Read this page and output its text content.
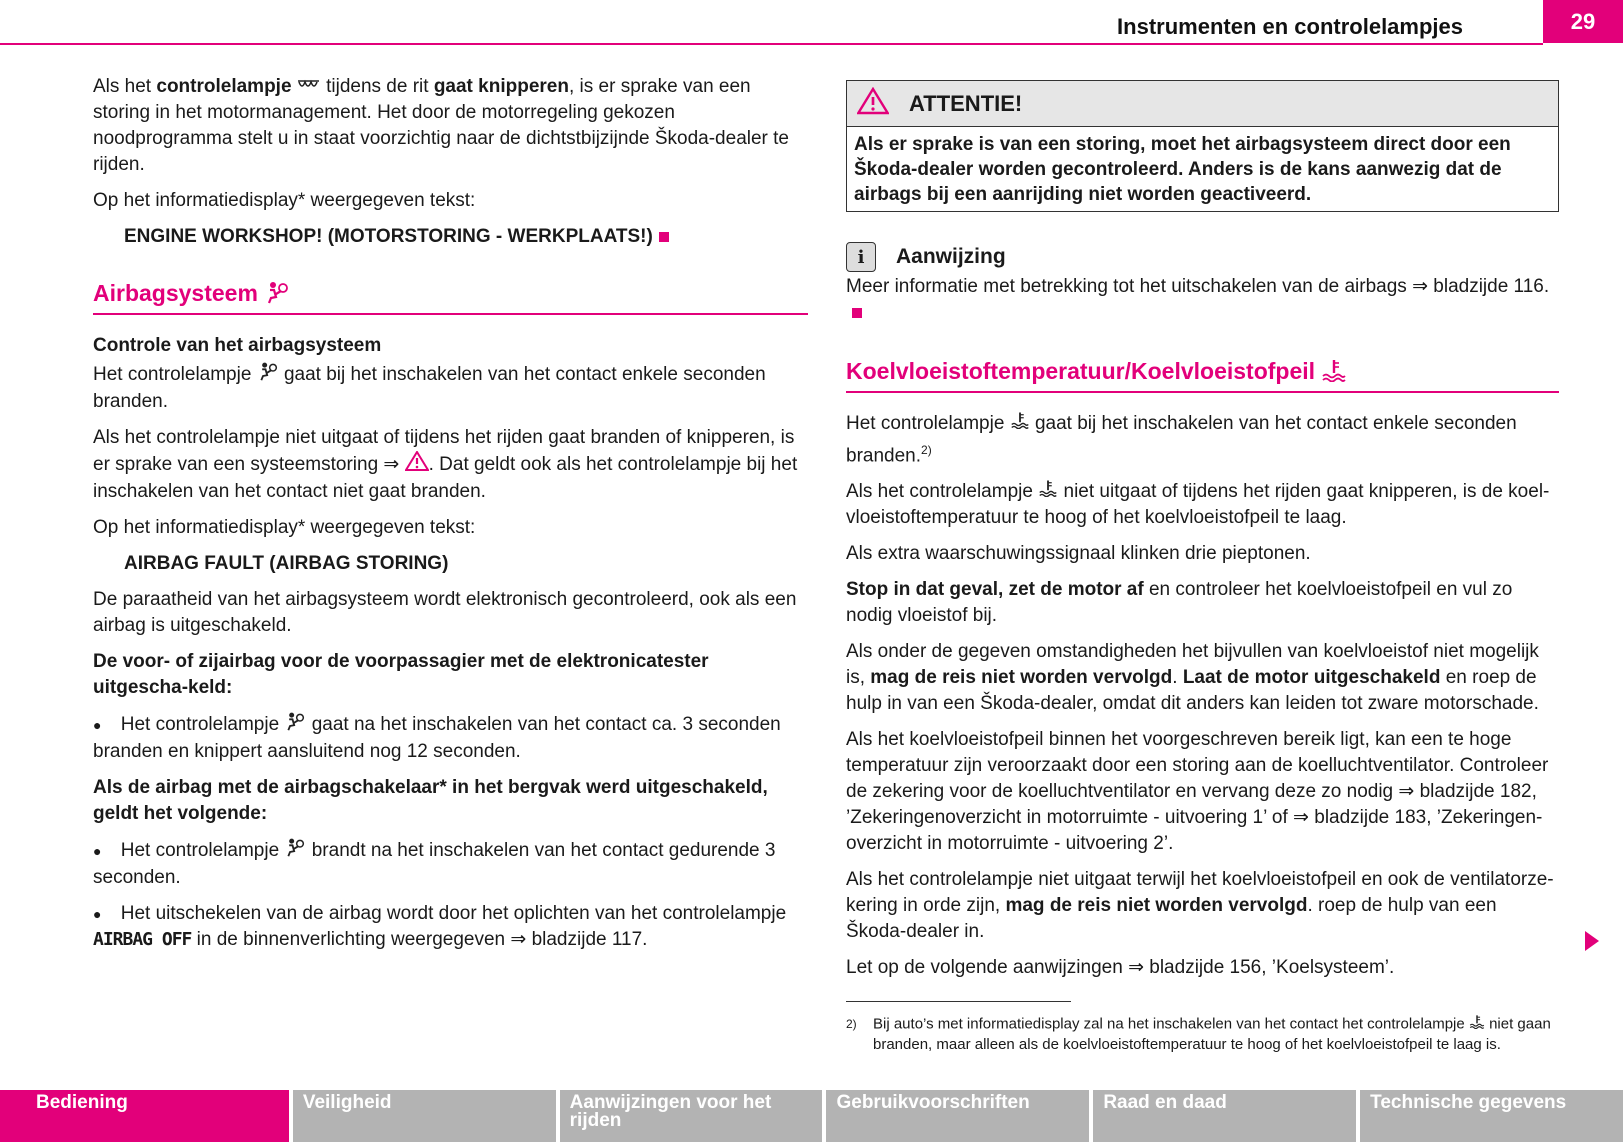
Instrumenten en controlelampjes	29

Als het controlelampje  tijdens de rit gaat knipperen, is er sprake van een storing in het motormanagement. Het door de motorregeling gekozen noodprogramma stelt u in staat voorzichtig naar de dichtstbijzijnde Škoda-dealer te rijden.

Op het informatiedisplay* weergegeven tekst:

ENGINE WORKSHOP! (MOTORSTORING - WERKPLAATS!)

Airbagsysteem
Controle van het airbagsysteem

Het controlelampje gaat bij het inschakelen van het contact enkele seconden branden.

Als het controlelampje niet uitgaat of tijdens het rijden gaat branden of knipperen, is er sprake van een systeemstoring ⇒ . Dat geldt ook als het controlelampje bij het inschakelen van het contact niet gaat branden.

Op het informatiedisplay* weergegeven tekst:

AIRBAG FAULT (AIRBAG STORING)

De paraatheid van het airbagsysteem wordt elektronisch gecontroleerd, ook als een airbag is uitgeschakeld.

De voor- of zijairbag voor de voorpassagier met de elektronicatester uitgescha-keld:

● Het controlelampje gaat na het inschakelen van het contact ca. 3 seconden branden en knippert aansluitend nog 12 seconden.

Als de airbag met de airbagschakelaar* in het bergvak werd uitgeschakeld, geldt het volgende:

● Het controlelampje brandt na het inschakelen van het contact gedurende 3 seconden.

● Het uitschekelen van de airbag wordt door het oplichten van het controlelampje AIRBAG OFF in de binnenverlichting weergegeven ⇒ bladzijde 117.

ATTENTIE!
Als er sprake is van een storing, moet het airbagsysteem direct door een Škoda-dealer worden gecontroleerd. Anders is de kans aanwezig dat de airbags bij een aanrijding niet worden geactiveerd.
i	Aanwijzing

Meer informatie met betrekking tot het uitschakelen van de airbags ⇒ bladzijde 116.

Koelvloeistoftemperatuur/Koelvloeistofpeil

Het controlelampje gaat bij het inschakelen van het contact enkele seconden branden.$^{2)}$

Als het controlelampje niet uitgaat of tijdens het rijden gaat knipperen, is de koel-vloeistoftemperatuur te hoog of het koelvloeistofpeil te laag.

Als extra waarschuwingssignaal klinken drie pieptonen.

Stop in dat geval, zet de motor af en controleer het koelvloeistofpeil en vul zo nodig vloeistof bij.

Als onder de gegeven omstandigheden het bijvullen van koelvloeistof niet mogelijk is, mag de reis niet worden vervolgd. Laat de motor uitgeschakeld en roep de hulp in van een Škoda-dealer, omdat dit anders kan leiden tot zware motorschade.

Als het koelvloeistofpeil binnen het voorgeschreven bereik ligt, kan een te hoge temperatuur zijn veroorzaakt door een storing aan de koelluchtventilator. Controleer de zekering voor de koelluchtventilator en vervang deze zo nodig ⇒ bladzijde 182, ’Zekeringenoverzicht in motorruimte - uitvoering 1’ of ⇒ bladzijde 183, ’Zekeringen-overzicht in motorruimte - uitvoering 2’.

Als het controlelampje niet uitgaat terwijl het koelvloeistofpeil en ook de ventilatorze-kering in orde zijn, mag de reis niet worden vervolgd. roep de hulp van een Škoda-dealer in.

Let op de volgende aanwijzingen ⇒ bladzijde 156, ’Koelsysteem’.

2)	Bij auto’s met informatiedisplay zal na het inschakelen van het contact het controlelampje niet gaan branden, maar alleen als de koelvloeistoftemperatuur te hoog of het koelvloeistofpeil te laag is.
Bediening	Veiligheid	Aanwijzingen voor het rijden
Gebruikvoorschriften	Raad en daad	Technische gegevens
